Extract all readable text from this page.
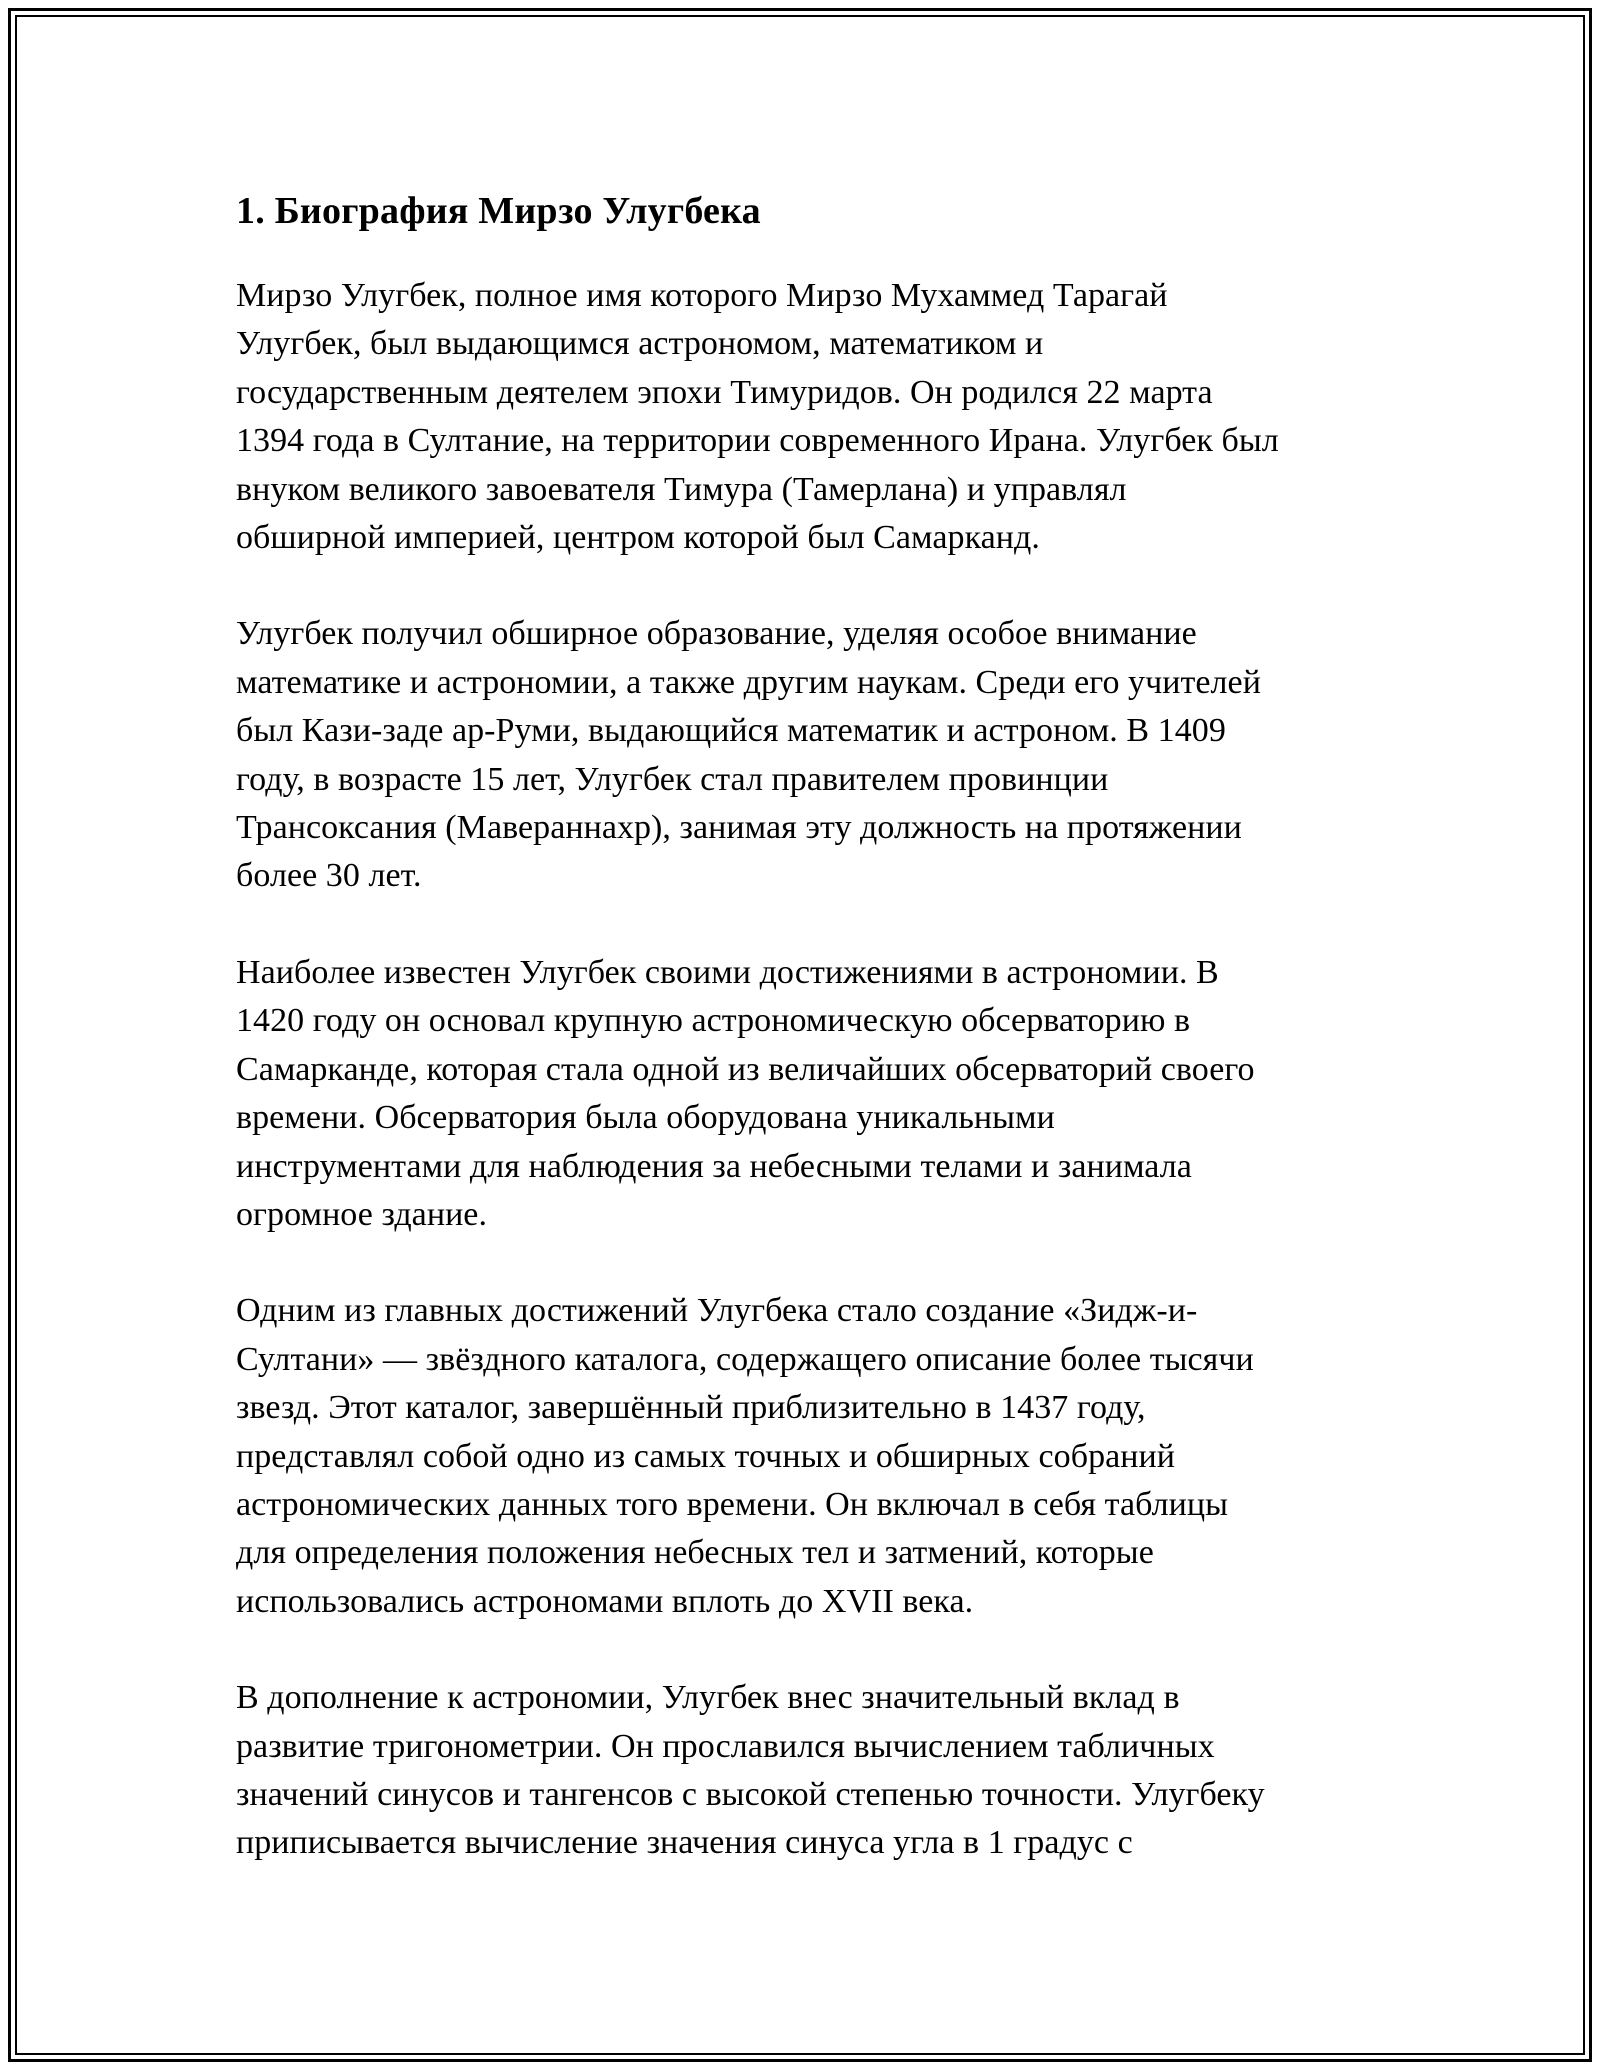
1. Биография Мирзо Улугбека

Мирзо Улугбек, полное имя которого Мирзо Мухаммед Тарагай
Улугбек, был выдающимся астрономом, математиком и
государственным деятелем эпохи Тимуридов. Он родился 22 марта
1394 года в Султание, на территории современного Ирана. Улугбек был
внуком великого завоевателя Тимура (Тамерлана) и управлял
обширной империей, центром которой был Самарканд.

Улугбек получил обширное образование, уделяя особое внимание
математике и астрономии, а также другим наукам. Среди его учителей
был Кази-заде ар-Руми, выдающийся математик и астроном. В 1409
году, в возрасте 15 лет, Улугбек стал правителем провинции
Трансоксания (Мавераннахр), занимая эту должность на протяжении
более 30 лет.

Наиболее известен Улугбек своими достижениями в астрономии. В
1420 году он основал крупную астрономическую обсерваторию в
Самарканде, которая стала одной из величайших обсерваторий своего
времени. Обсерватория была оборудована уникальными
инструментами для наблюдения за небесными телами и занимала
огромное здание.

Одним из главных достижений Улугбека стало создание «Зидж-и-
Султани» — звёздного каталога, содержащего описание более тысячи
звезд. Этот каталог, завершённый приблизительно в 1437 году,
представлял собой одно из самых точных и обширных собраний
астрономических данных того времени. Он включал в себя таблицы
для определения положения небесных тел и затмений, которые
использовались астрономами вплоть до XVII века.

В дополнение к астрономии, Улугбек внес значительный вклад в
развитие тригонометрии. Он прославился вычислением табличных
значений синусов и тангенсов с высокой степенью точности. Улугбеку
приписывается вычисление значения синуса угла в 1 градус с
